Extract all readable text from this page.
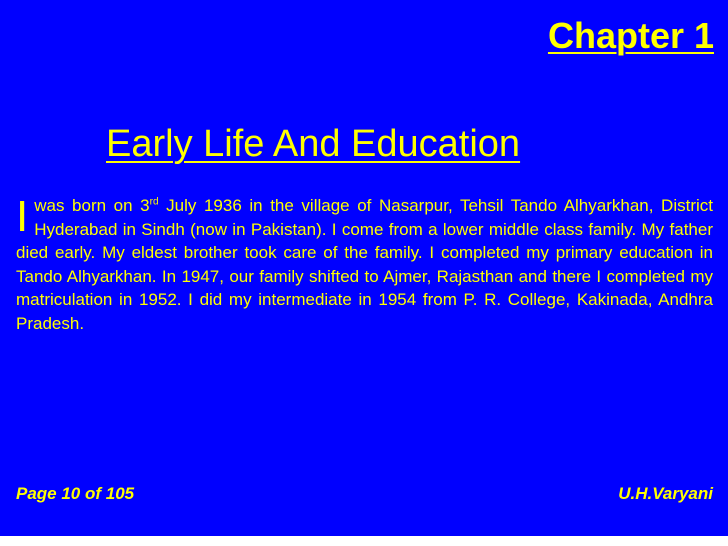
Chapter 1
Early Life And Education

I was born on 3rd July 1936 in the village of Nasarpur, Tehsil Tando Alhyarkhan, District Hyderabad in Sindh (now in Pakistan). I come from a lower middle class family. My father died early. My eldest brother took care of the family. I completed my primary education in Tando Alhyarkhan. In 1947, our family shifted to Ajmer, Rajasthan and there I completed my matriculation in 1952. I did my intermediate in 1954 from P. R. College, Kakinada, Andhra Pradesh.

Page 10 of 105	U.H.Varyani
